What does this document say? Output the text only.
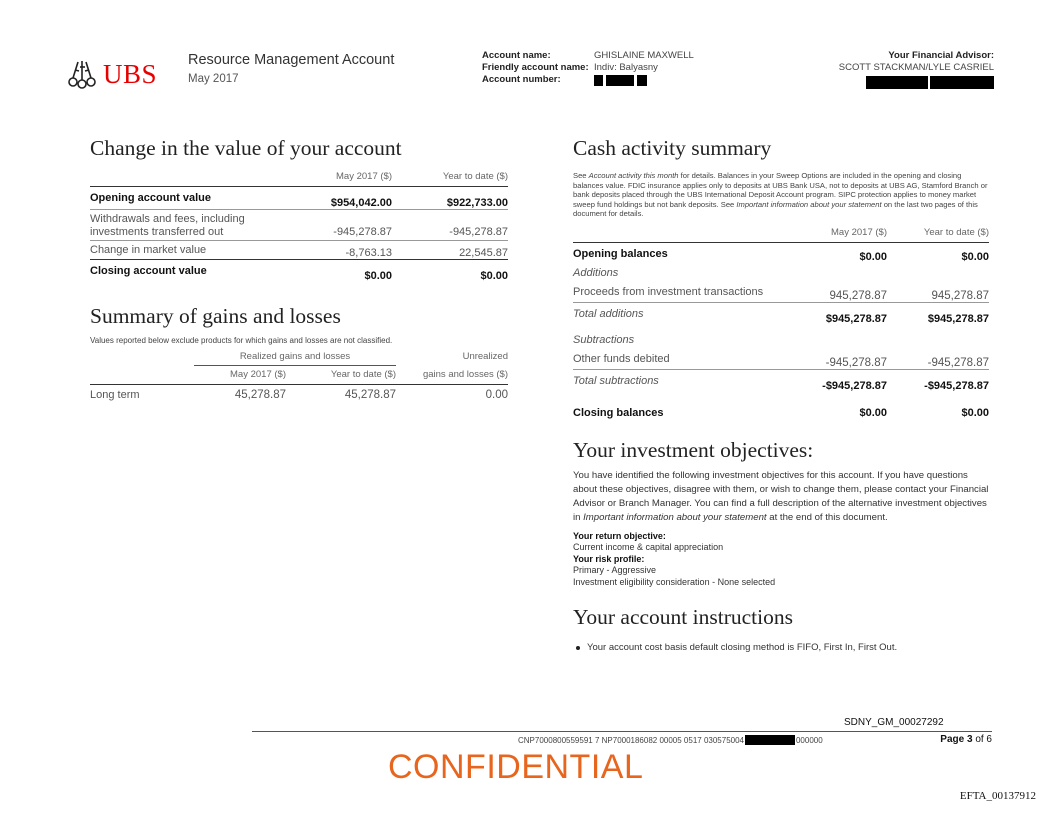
UBS Resource Management Account
May 2017
Account name:	GHISLAINE MAXWELL
Friendly account name: Indiv: Balyasny
Account number:
Your Financial Advisor:
SCOTT STACKMAN/LYLE CASRIEL
Change in the value of your account
	May 2017 ($)	Year to date ($)
Opening account value	$954,042.00	$922,733.00
Withdrawals and fees, including investments transferred out	-945,278.87	-945,278.87
Change in market value	-8,763.13	22,545.87
Closing account value	$0.00	$0.00
Summary of gains and losses
Values reported below exclude products for which gains and losses are not classified.
	Realized gains and losses		Unrealized
	May 2017 ($)	Year to date ($)	gains and losses ($)
Long term	45,278.87	45,278.87	0.00
Cash activity summary
See Account activity this month for details. Balances in your Sweep Options are included in the opening and closing balances value. FDIC insurance applies only to deposits at UBS Bank USA, not to deposits at UBS AG, Stamford Branch or bank deposits placed through the UBS International Deposit Account program. SIPC protection applies to money market sweep fund holdings but not bank deposits. See Important information about your statement on the last two pages of this document for details.
	May 2017 ($)	Year to date ($)
Opening balances	$0.00	$0.00
Additions		
Proceeds from investment transactions	945,278.87	945,278.87
Total additions	$945,278.87	$945,278.87
Subtractions		
Other funds debited	-945,278.87	-945,278.87
Total subtractions	-$945,278.87	-$945,278.87
Closing balances	$0.00	$0.00
Your investment objectives:
You have identified the following investment objectives for this account. If you have questions about these objectives, disagree with them, or wish to change them, please contact your Financial Advisor or Branch Manager. You can find a full description of the alternative investment objectives in Important information about your statement at the end of this document.
Your return objective:
Current income & capital appreciation
Your risk profile:
Primary - Aggressive
Investment eligibility consideration - None selected
Your account instructions
Your account cost basis default closing method is FIFO, First In, First Out.
SDNY_GM_00027292
CNP7000800559591 7 NP7000186082 00005 0517 030575004	000000	Page 3 of 6
CONFIDENTIAL
EFTA_00137912
